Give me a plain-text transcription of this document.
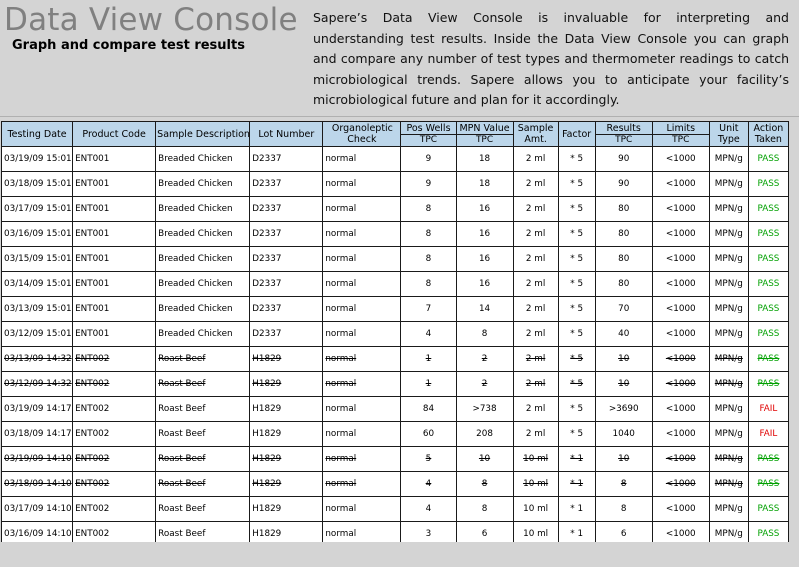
Data View Console
Graph and compare test results
Sapere’s Data View Console is invaluable for interpreting and understanding test results. Inside the Data View Console you can graph and compare any number of test types and thermometer readings to catch microbiological trends. Sapere allows you to anticipate your facility’s microbiological future and plan for it accordingly.
Testing Date	Product Code	Sample Description	Lot Number	Organoleptic Check	Pos Wells	MPN Value	Sample Amt.	Factor	Results	Limits	Unit Type	Action Taken

					TPC	TPC			TPC	TPC		
03/19/09 15:01	ENT001	Breaded Chicken	D2337	normal	9	18	2 ml	* 5	90	<1000	MPN/g	PASS
03/18/09 15:01	ENT001	Breaded Chicken	D2337	normal	9	18	2 ml	* 5	90	<1000	MPN/g	PASS
03/17/09 15:01	ENT001	Breaded Chicken	D2337	normal	8	16	2 ml	* 5	80	<1000	MPN/g	PASS
03/16/09 15:01	ENT001	Breaded Chicken	D2337	normal	8	16	2 ml	* 5	80	<1000	MPN/g	PASS
03/15/09 15:01	ENT001	Breaded Chicken	D2337	normal	8	16	2 ml	* 5	80	<1000	MPN/g	PASS
03/14/09 15:01	ENT001	Breaded Chicken	D2337	normal	8	16	2 ml	* 5	80	<1000	MPN/g	PASS
03/13/09 15:01	ENT001	Breaded Chicken	D2337	normal	7	14	2 ml	* 5	70	<1000	MPN/g	PASS
03/12/09 15:01	ENT001	Breaded Chicken	D2337	normal	4	8	2 ml	* 5	40	<1000	MPN/g	PASS
03/13/09 14:32	ENT002	Roast Beef	H1829	normal	1	2	2 ml	* 5	10	<1000	MPN/g	PASS
03/12/09 14:32	ENT002	Roast Beef	H1829	normal	1	2	2 ml	* 5	10	<1000	MPN/g	PASS
03/19/09 14:17	ENT002	Roast Beef	H1829	normal	84	>738	2 ml	* 5	>3690	<1000	MPN/g	FAIL
03/18/09 14:17	ENT002	Roast Beef	H1829	normal	60	208	2 ml	* 5	1040	<1000	MPN/g	FAIL
03/19/09 14:10	ENT002	Roast Beef	H1829	normal	5	10	10 ml	* 1	10	<1000	MPN/g	PASS
03/18/09 14:10	ENT002	Roast Beef	H1829	normal	4	8	10 ml	* 1	8	<1000	MPN/g	PASS
03/17/09 14:10	ENT002	Roast Beef	H1829	normal	4	8	10 ml	* 1	8	<1000	MPN/g	PASS
03/16/09 14:10	ENT002	Roast Beef	H1829	normal	3	6	10 ml	* 1	6	<1000	MPN/g	PASS
